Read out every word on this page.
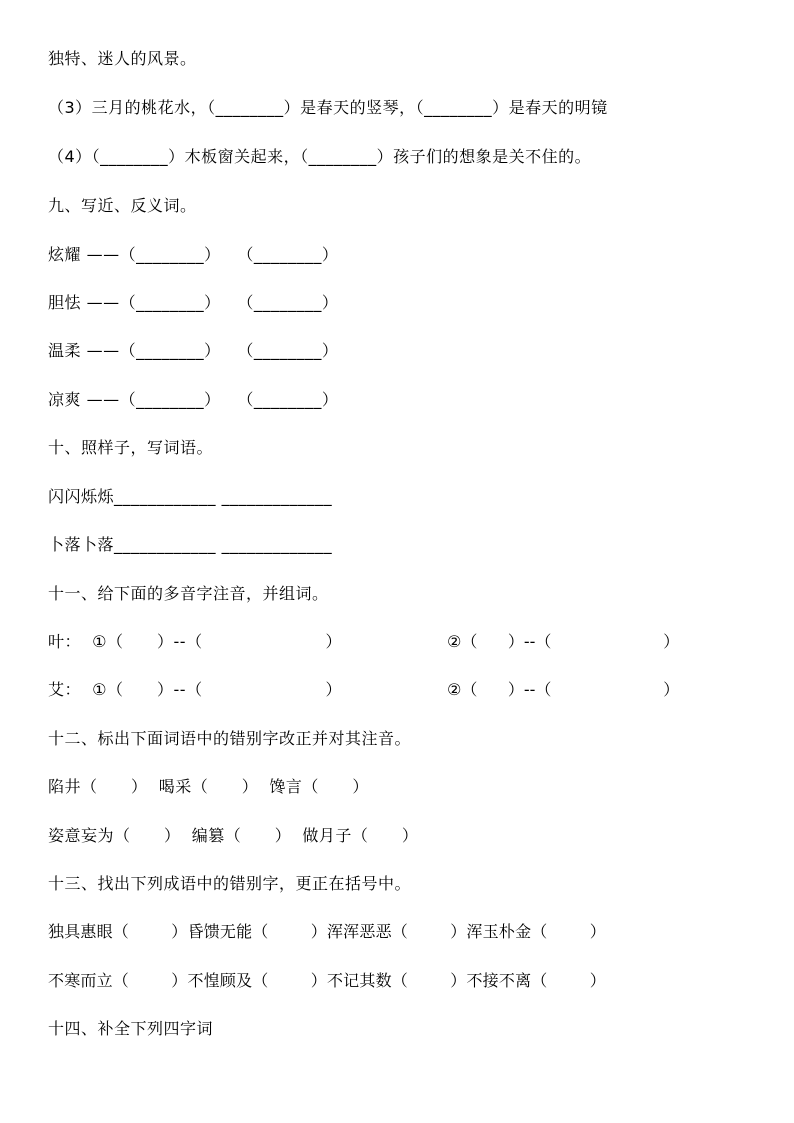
独特、迷人的风景。
（3）三月的桃花水，（________）是春天的竖琴，（________）是春天的明镜
（4）（________）木板窗关起来，（________）孩子们的想象是关不住的。
九、写近、反义词。
炫耀 ——（________）   （________）
胆怯 ——（________）   （________）
温柔 ——（________）   （________）
凉爽 ——（________）   （________）
十、照样子，写词语。
闪闪烁烁____________ _____________
卜落卜落____________ _____________
十一、给下面的多音字注音，并组词。
叶：  ①（      ）--（                      ）	②（      ）--（                      ）
艾：  ①（      ）--（                      ）	②（      ）--（                      ）
十二、标出下面词语中的错别字改正并对其注音。
陷井（      ）  喝采（      ）  馋言（      ）
姿意妄为（      ）  编篡（      ）  做月子（      ）
十三、找出下列成语中的错别字，更正在括号中。
独具惠眼（        ）昏馈无能（        ）浑浑恶恶（        ）浑玉朴金（        ）
不寒而立（        ）不惶顾及（        ）不记其数（        ）不接不离（        ）
十四、补全下列四字词
